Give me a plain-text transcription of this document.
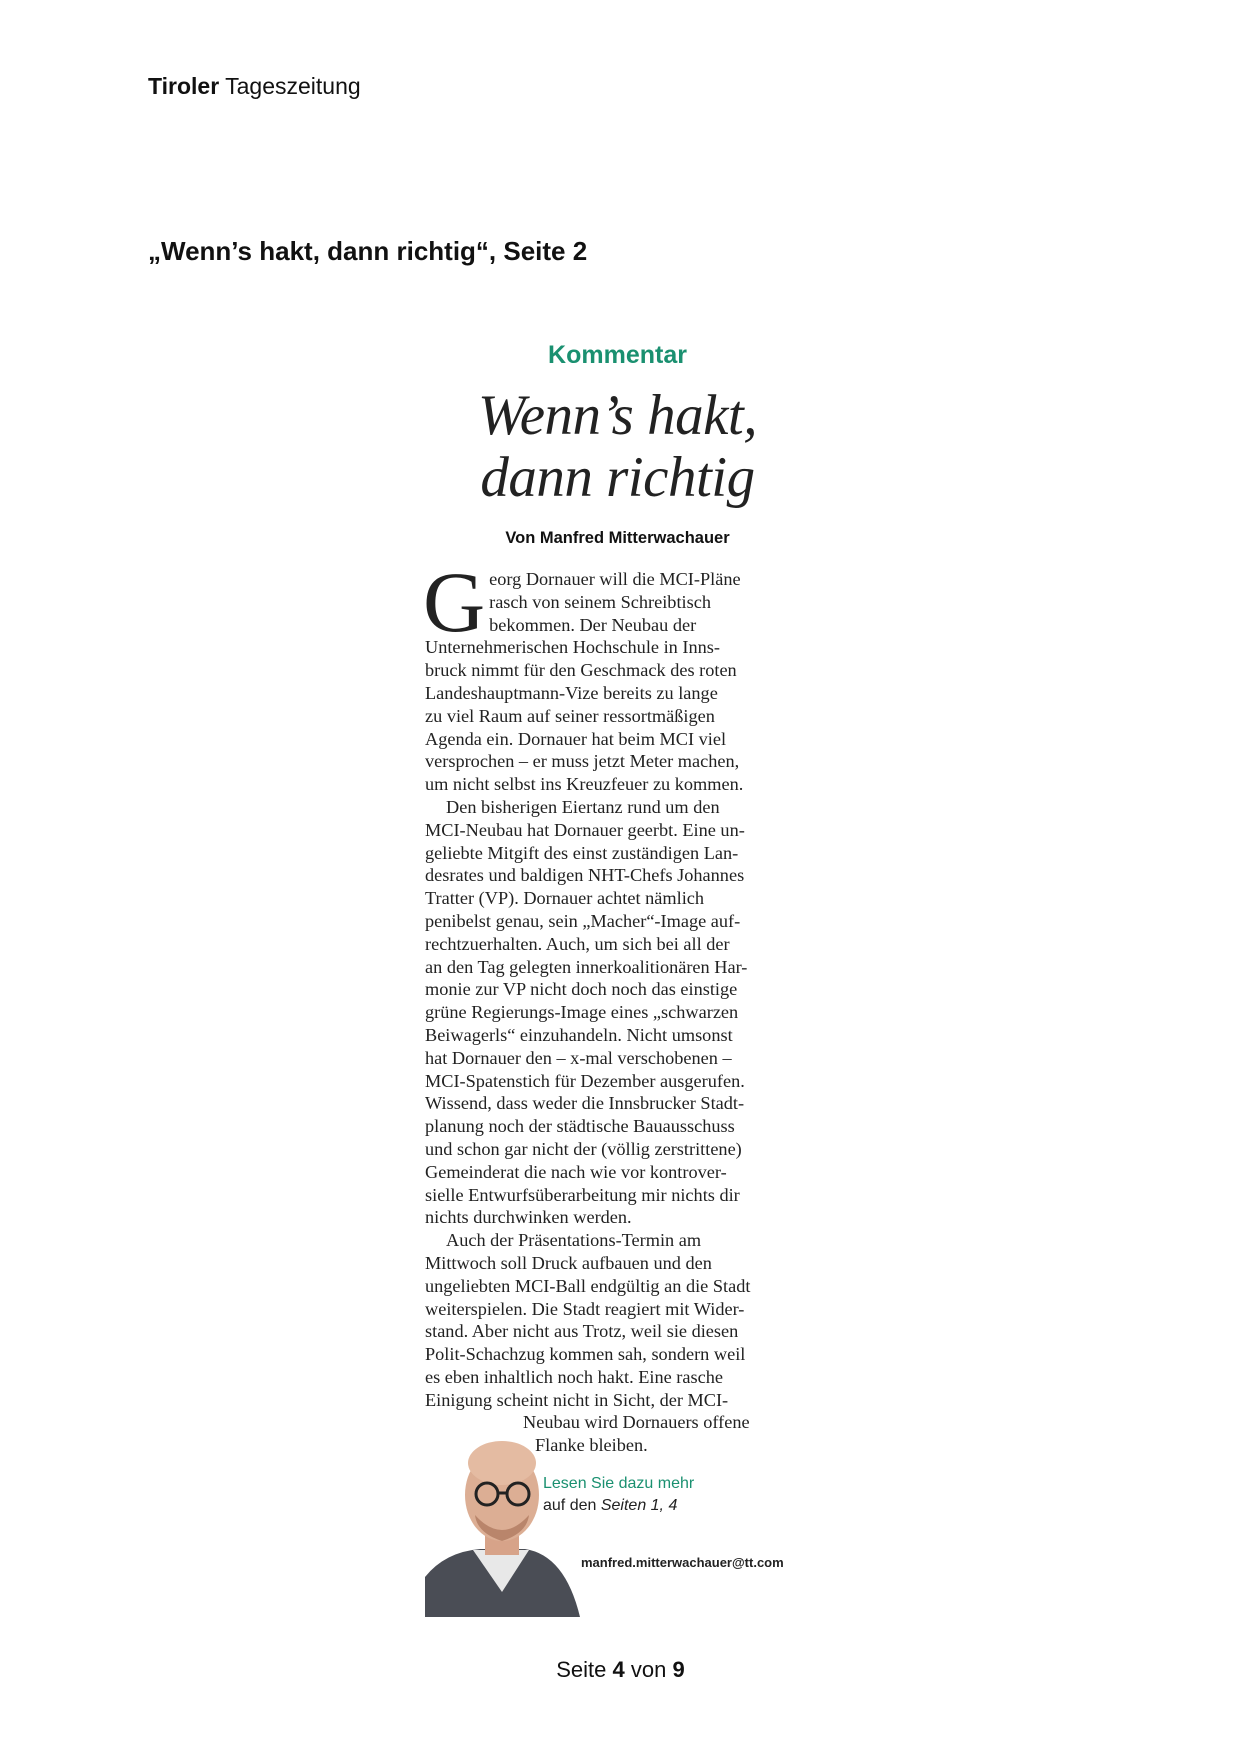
Tiroler Tageszeitung
„Wenn’s hakt, dann richtig“, Seite 2
Kommentar
Wenn’s hakt,
dann richtig
Von Manfred Mitterwachauer

G eorg Dornauer will die MCI-Pläne
rasch von seinem Schreibtisch
bekommen. Der Neubau der
Unternehmerischen Hochschule in Inns-
bruck nimmt für den Geschmack des roten
Landeshauptmann-Vize bereits zu lange
zu viel Raum auf seiner ressortmäßigen
Agenda ein. Dornauer hat beim MCI viel
versprochen – er muss jetzt Meter machen,
um nicht selbst ins Kreuzfeuer zu kommen.

Den bisherigen Eiertanz rund um den
MCI-Neubau hat Dornauer geerbt. Eine un-
geliebte Mitgift des einst zuständigen Lan-
desrates und baldigen NHT-Chefs Johannes
Tratter (VP). Dornauer achtet nämlich
penibelst genau, sein „Macher“-Image auf-
rechtzuerhalten. Auch, um sich bei all der
an den Tag gelegten innerkoalitionären Har-
monie zur VP nicht doch noch das einstige
grüne Regierungs-Image eines „schwarzen
Beiwagerls“ einzuhandeln. Nicht umsonst
hat Dornauer den – x-mal verschobenen –
MCI-Spatenstich für Dezember ausgerufen.
Wissend, dass weder die Innsbrucker Stadt-
planung noch der städtische Bauausschuss
und schon gar nicht der (völlig zerstrittene)
Gemeinderat die nach wie vor kontrover-
sielle Entwurfsüberarbeitung mir nichts dir
nichts durchwinken werden.

Auch der Präsentations-Termin am
Mittwoch soll Druck aufbauen und den
ungeliebten MCI-Ball endgültig an die Stadt
weiterspielen. Die Stadt reagiert mit Wider-
stand. Aber nicht aus Trotz, weil sie diesen
Polit-Schachzug kommen sah, sondern weil
es eben inhaltlich noch hakt. Eine rasche
Einigung scheint nicht in Sicht, der MCI-

Neubau wird Dornauers offene
Flanke bleiben.
Lesen Sie dazu mehr
auf den Seiten 1, 4
manfred.mitterwachauer@tt.com
Seite 4 von 9
